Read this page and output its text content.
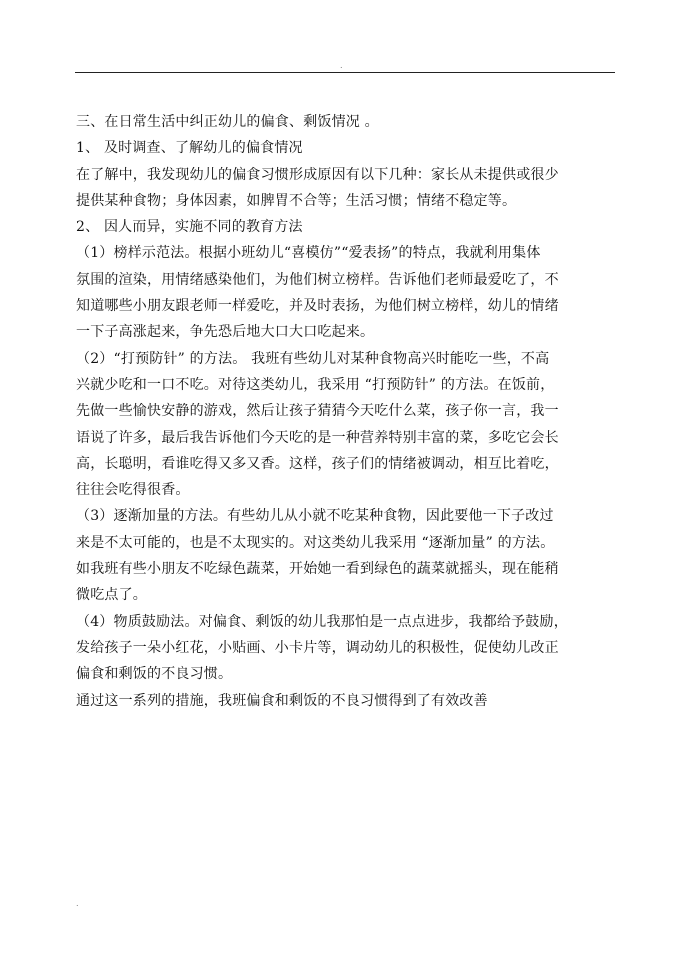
.
三、在日常生活中纠正幼儿的偏食、剩饭情况 。
1、 及时调查、了解幼儿的偏食情况
在了解中，我发现幼儿的偏食习惯形成原因有以下几种：家长从未提供或很少
提供某种食物；身体因素，如脾胃不合等；生活习惯；情绪不稳定等。
2、 因人而异，实施不同的教育方法
（1）榜样示范法。根据小班幼儿“喜模仿”“爱表扬”的特点，我就利用集体
氛围的渲染，用情绪感染他们，为他们树立榜样。告诉他们老师最爱吃了，不
知道哪些小朋友跟老师一样爱吃，并及时表扬，为他们树立榜样，幼儿的情绪
一下子高涨起来，争先恐后地大口大口吃起来。
（2）“打预防针” 的方法。 我班有些幼儿对某种食物高兴时能吃一些，不高
兴就少吃和一口不吃。对待这类幼儿，我采用 “打预防针” 的方法。在饭前，
先做一些愉快安静的游戏，然后让孩子猜猜今天吃什么菜，孩子你一言，我一
语说了许多，最后我告诉他们今天吃的是一种营养特别丰富的菜，多吃它会长
高，长聪明，看谁吃得又多又香。这样，孩子们的情绪被调动，相互比着吃，
往往会吃得很香。
（3）逐渐加量的方法。有些幼儿从小就不吃某种食物，因此要他一下子改过
来是不太可能的，也是不太现实的。对这类幼儿我采用 “逐渐加量” 的方法。
如我班有些小朋友不吃绿色蔬菜，开始她一看到绿色的蔬菜就摇头，现在能稍
微吃点了。
（4）物质鼓励法。对偏食、剩饭的幼儿我那怕是一点点进步，我都给予鼓励，
发给孩子一朵小红花，小贴画、小卡片等，调动幼儿的积极性，促使幼儿改正
偏食和剩饭的不良习惯。
通过这一系列的措施，我班偏食和剩饭的不良习惯得到了有效改善
.
